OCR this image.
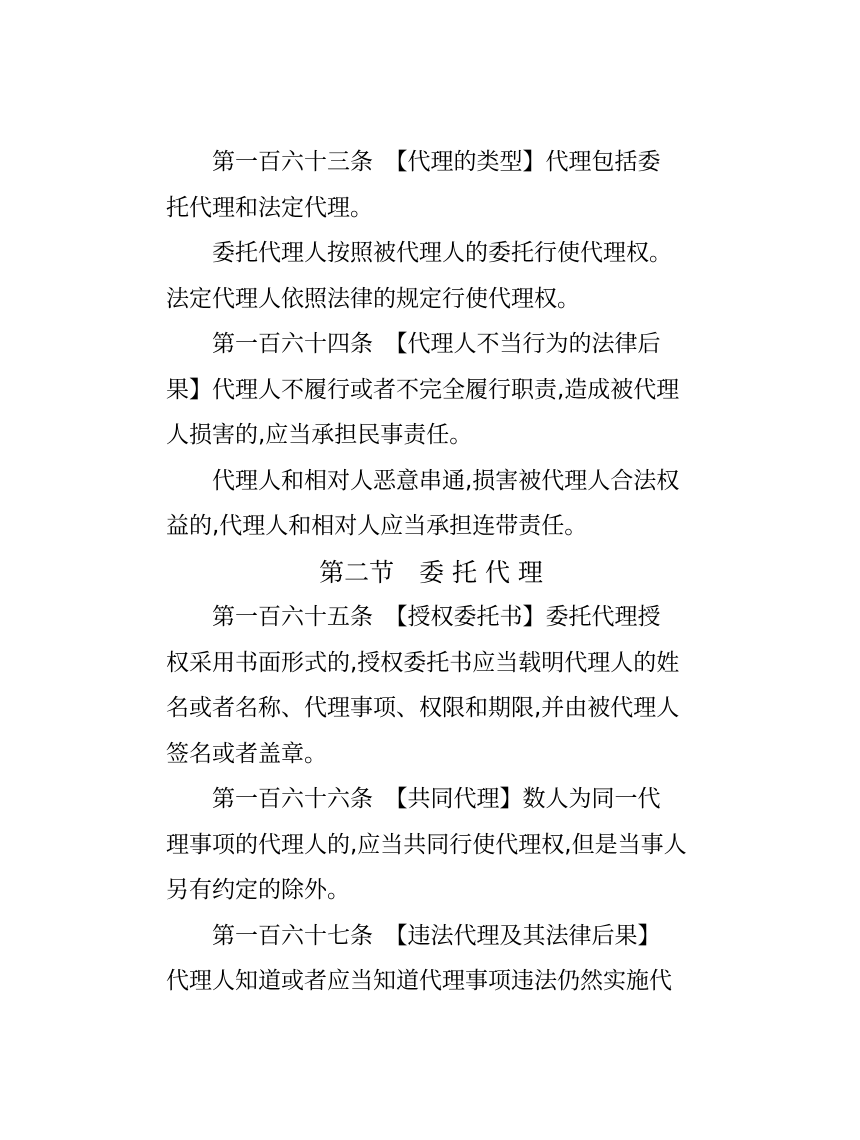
第一百六十三条　【代理的类型】代理包括委
托代理和法定代理。
委托代理人按照被代理人的委托行使代理权。
法定代理人依照法律的规定行使代理权。
第一百六十四条　【代理人不当行为的法律后
果】代理人不履行或者不完全履行职责,造成被代理
人损害的,应当承担民事责任。
代理人和相对人恶意串通,损害被代理人合法权
益的,代理人和相对人应当承担连带责任。
第二节　委 托 代 理
第一百六十五条　【授权委托书】委托代理授
权采用书面形式的,授权委托书应当载明代理人的姓
名或者名称、代理事项、权限和期限,并由被代理人
签名或者盖章。
第一百六十六条　【共同代理】数人为同一代
理事项的代理人的,应当共同行使代理权,但是当事人
另有约定的除外。
第一百六十七条　【违法代理及其法律后果】
代理人知道或者应当知道代理事项违法仍然实施代
